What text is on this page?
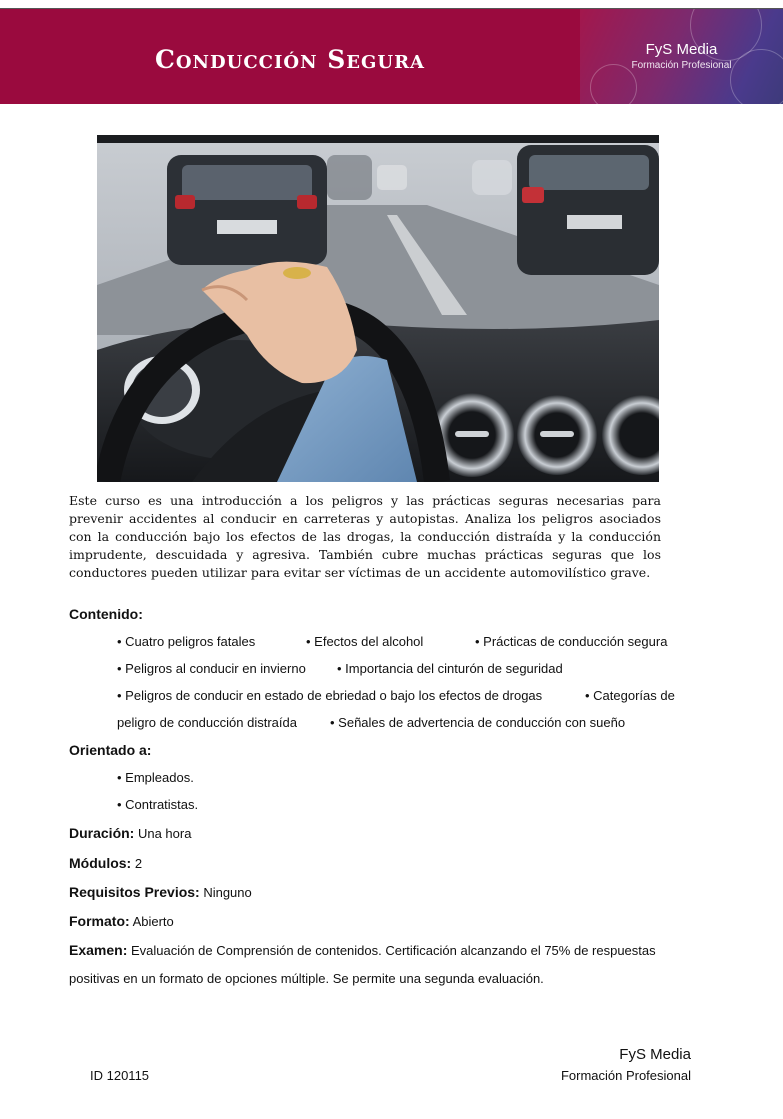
Conducción Segura	FyS Media
Formación Profesional
Este curso es una introducción a los peligros y las prácticas seguras necesarias para prevenir accidentes al conducir en carreteras y autopistas. Analiza los peligros asociados con la conducción bajo los efectos de las drogas, la conducción distraída y la conducción imprudente, descuidada y agresiva. También cubre muchas prácticas seguras que los conductores pueden utilizar para evitar ser víctimas de un accidente automovilístico grave.
Contenido:
• Cuatro peligros fatales	• Efectos del alcohol	• Prácticas de conducción segura
• Peligros al conducir en invierno • Importancia del cinturón de seguridad
• Peligros de conducir en estado de ebriedad o bajo los efectos de drogas	• Categorías de
peligro de conducción distraída	• Señales de advertencia de conducción con sueño
Orientado a:
• Empleados.
• Contratistas.
Duración: Una hora
Módulos: 2
Requisitos Previos: Ninguno
Formato: Abierto
Examen: Evaluación de Comprensión de contenidos. Certificación alcanzando el 75% de respuestas
positivas en un formato de opciones múltiple. Se permite una segunda evaluación.
FyS Media
Formación Profesional
ID 120115
